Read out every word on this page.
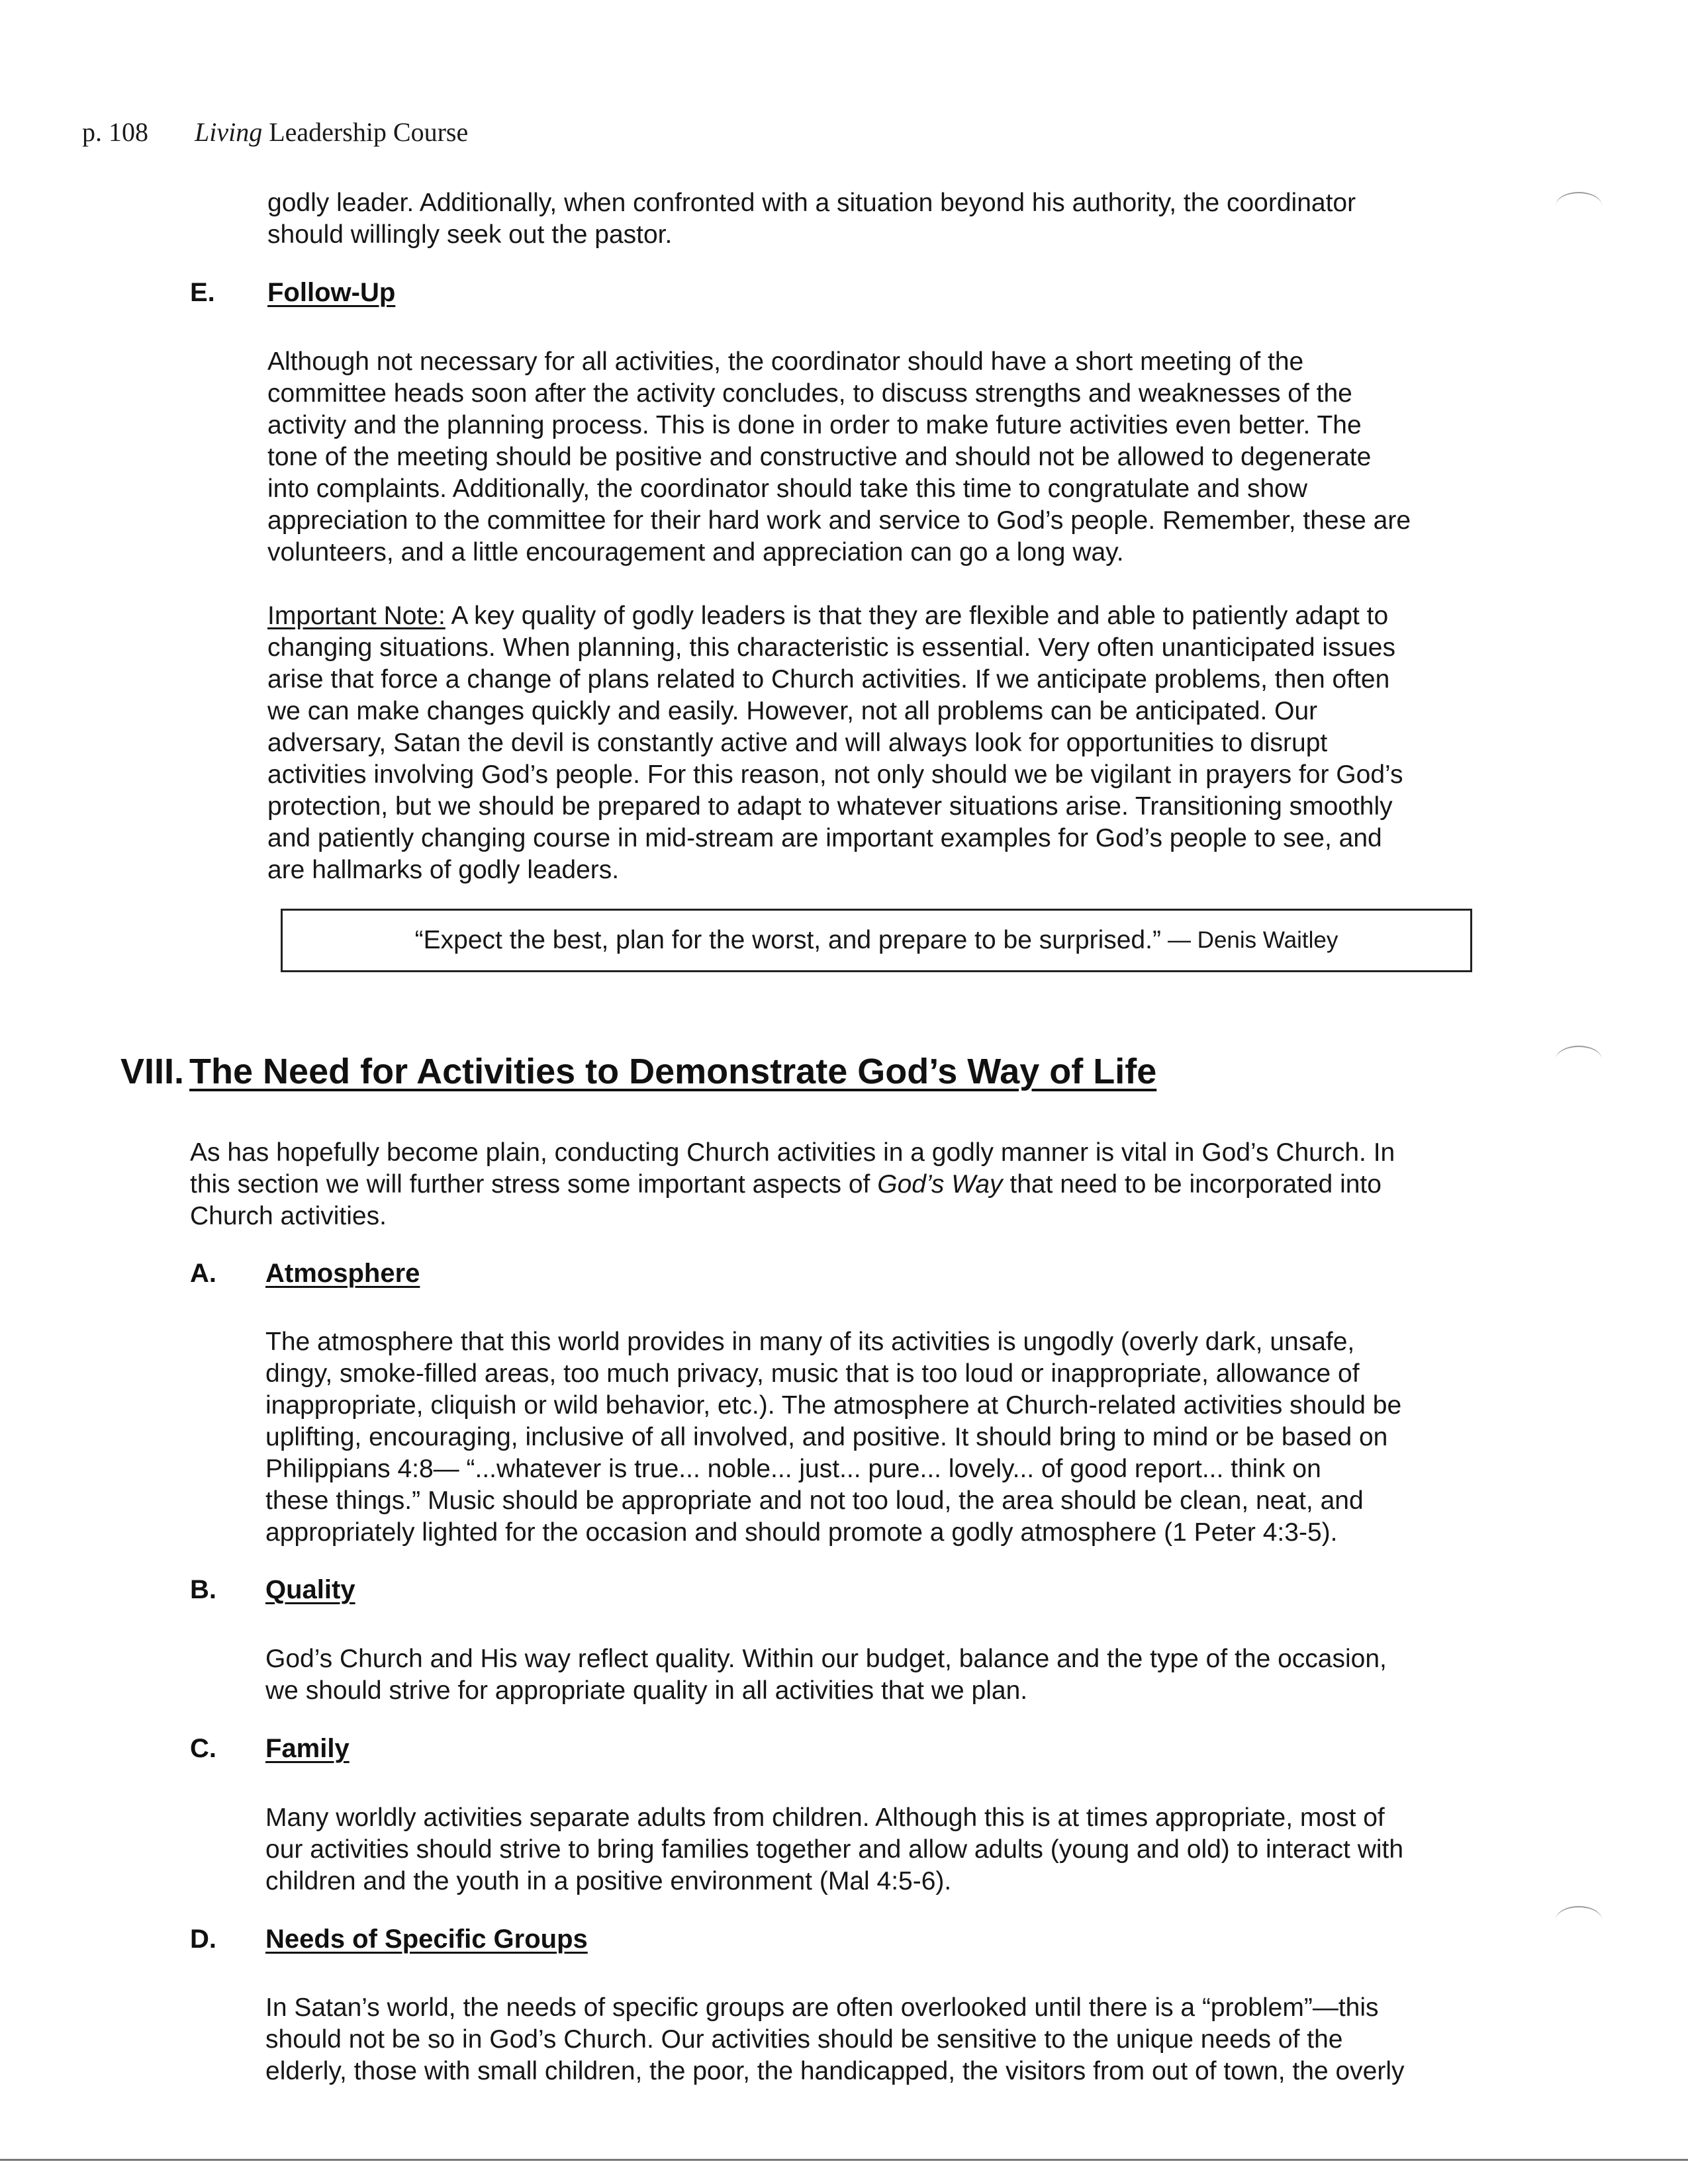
p. 108 Living Leadership Course
godly leader. Additionally, when confronted with a situation beyond his authority, the coordinator
should willingly seek out the pastor.
E. Follow-Up
Although not necessary for all activities, the coordinator should have a short meeting of the
committee heads soon after the activity concludes, to discuss strengths and weaknesses of the
activity and the planning process. This is done in order to make future activities even better. The
tone of the meeting should be positive and constructive and should not be allowed to degenerate
into complaints. Additionally, the coordinator should take this time to congratulate and show
appreciation to the committee for their hard work and service to God’s people. Remember, these are
volunteers, and a little encouragement and appreciation can go a long way.
Important Note: A key quality of godly leaders is that they are flexible and able to patiently adapt to
changing situations. When planning, this characteristic is essential. Very often unanticipated issues
arise that force a change of plans related to Church activities. If we anticipate problems, then often
we can make changes quickly and easily. However, not all problems can be anticipated. Our
adversary, Satan the devil is constantly active and will always look for opportunities to disrupt
activities involving God’s people. For this reason, not only should we be vigilant in prayers for God’s
protection, but we should be prepared to adapt to whatever situations arise. Transitioning smoothly
and patiently changing course in mid-stream are important examples for God’s people to see, and
are hallmarks of godly leaders.
“Expect the best, plan for the worst, and prepare to be surprised.” — Denis Waitley
VIII. The Need for Activities to Demonstrate God’s Way of Life
As has hopefully become plain, conducting Church activities in a godly manner is vital in God’s Church. In
this section we will further stress some important aspects of God’s Way that need to be incorporated into
Church activities.
A. Atmosphere
The atmosphere that this world provides in many of its activities is ungodly (overly dark, unsafe,
dingy, smoke-filled areas, too much privacy, music that is too loud or inappropriate, allowance of
inappropriate, cliquish or wild behavior, etc.). The atmosphere at Church-related activities should be
uplifting, encouraging, inclusive of all involved, and positive. It should bring to mind or be based on
Philippians 4:8— “...whatever is true... noble... just... pure... lovely... of good report... think on
these things.” Music should be appropriate and not too loud, the area should be clean, neat, and
appropriately lighted for the occasion and should promote a godly atmosphere (1 Peter 4:3-5).
B. Quality
God’s Church and His way reflect quality. Within our budget, balance and the type of the occasion,
we should strive for appropriate quality in all activities that we plan.
C. Family
Many worldly activities separate adults from children. Although this is at times appropriate, most of
our activities should strive to bring families together and allow adults (young and old) to interact with
children and the youth in a positive environment (Mal 4:5-6).
D. Needs of Specific Groups
In Satan’s world, the needs of specific groups are often overlooked until there is a “problem”—this
should not be so in God’s Church. Our activities should be sensitive to the unique needs of the
elderly, those with small children, the poor, the handicapped, the visitors from out of town, the overly
